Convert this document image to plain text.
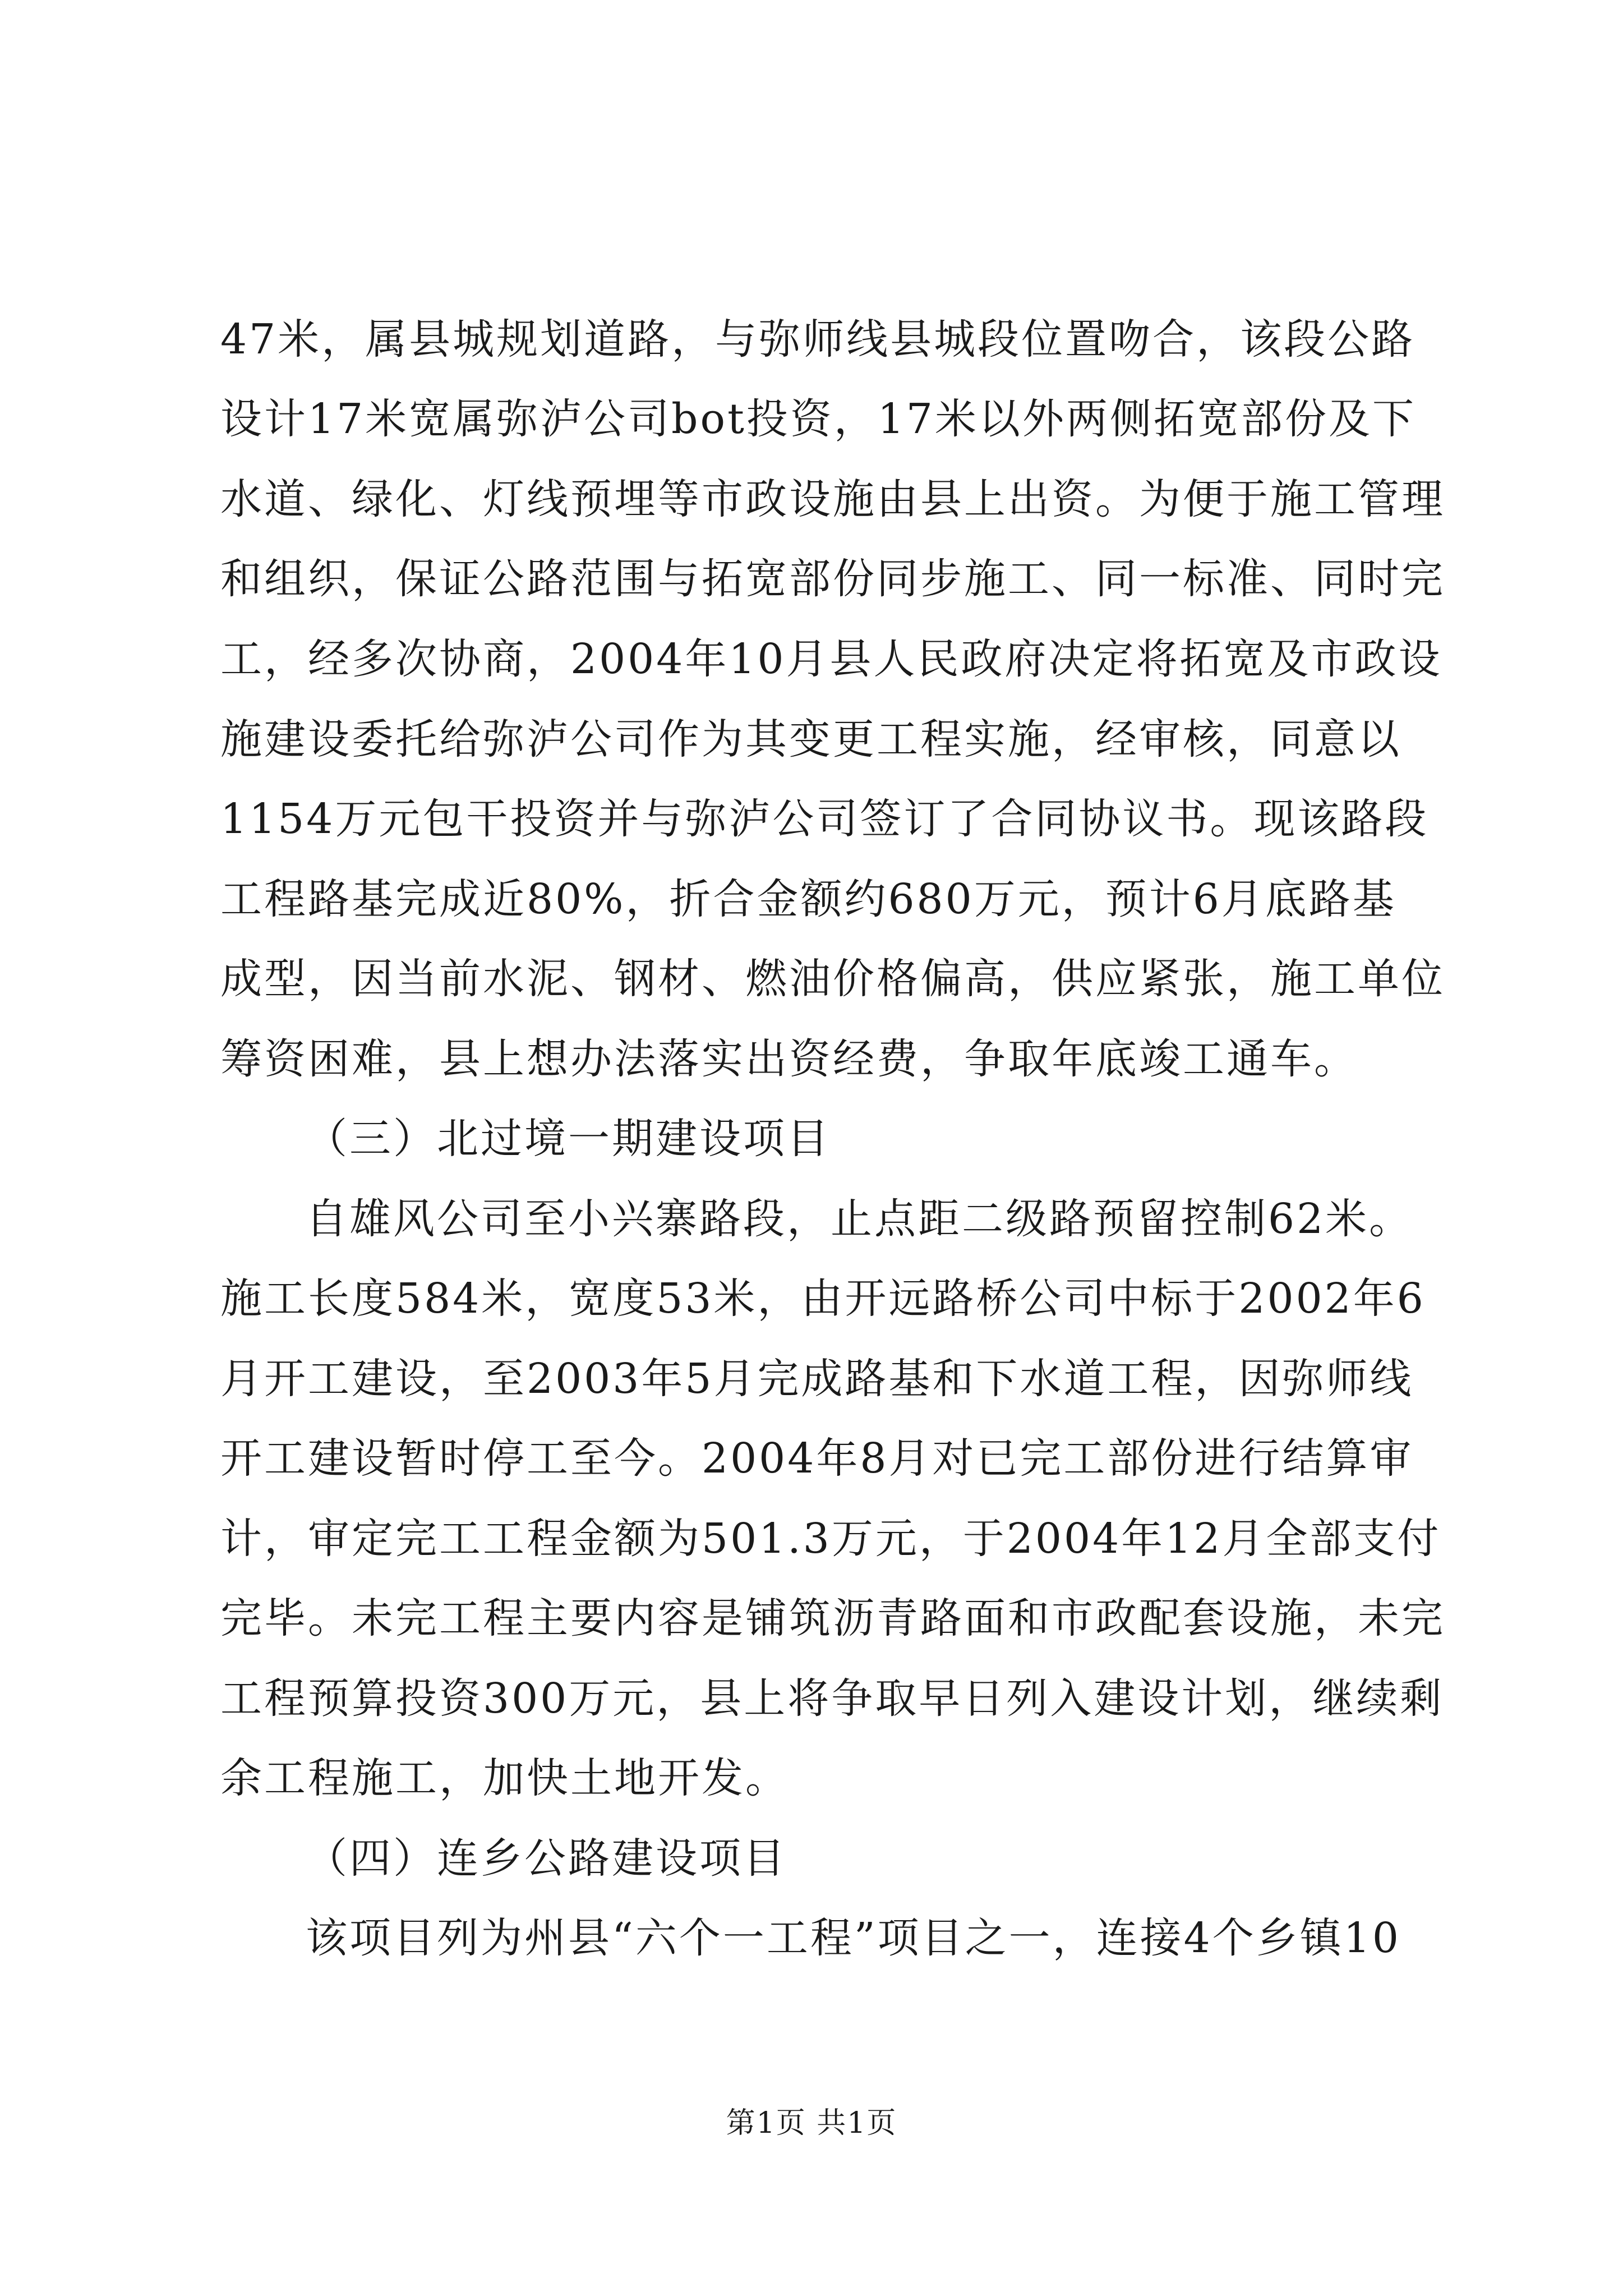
47米，属县城规划道路，与弥师线县城段位置吻合，该段公路
设计17米宽属弥泸公司bot投资，17米以外两侧拓宽部份及下
水道、绿化、灯线预埋等市政设施由县上出资。为便于施工管理
和组织，保证公路范围与拓宽部份同步施工、同一标准、同时完
工，经多次协商，2004年10月县人民政府决定将拓宽及市政设
施建设委托给弥泸公司作为其变更工程实施，经审核，同意以
1154万元包干投资并与弥泸公司签订了合同协议书。现该路段
工程路基完成近80%，折合金额约680万元，预计6月底路基
成型，因当前水泥、钢材、燃油价格偏高，供应紧张，施工单位
筹资困难，县上想办法落实出资经费，争取年底竣工通车。
（三）北过境一期建设项目
自雄风公司至小兴寨路段，止点距二级路预留控制62米。
施工长度584米，宽度53米，由开远路桥公司中标于2002年6
月开工建设，至2003年5月完成路基和下水道工程，因弥师线
开工建设暂时停工至今。2004年8月对已完工部份进行结算审
计，审定完工工程金额为501.3万元，于2004年12月全部支付
完毕。未完工程主要内容是铺筑沥青路面和市政配套设施，未完
工程预算投资300万元，县上将争取早日列入建设计划，继续剩
余工程施工，加快土地开发。
（四）连乡公路建设项目
该项目列为州县“六个一工程”项目之一，连接4个乡镇10
第1页 共1页
